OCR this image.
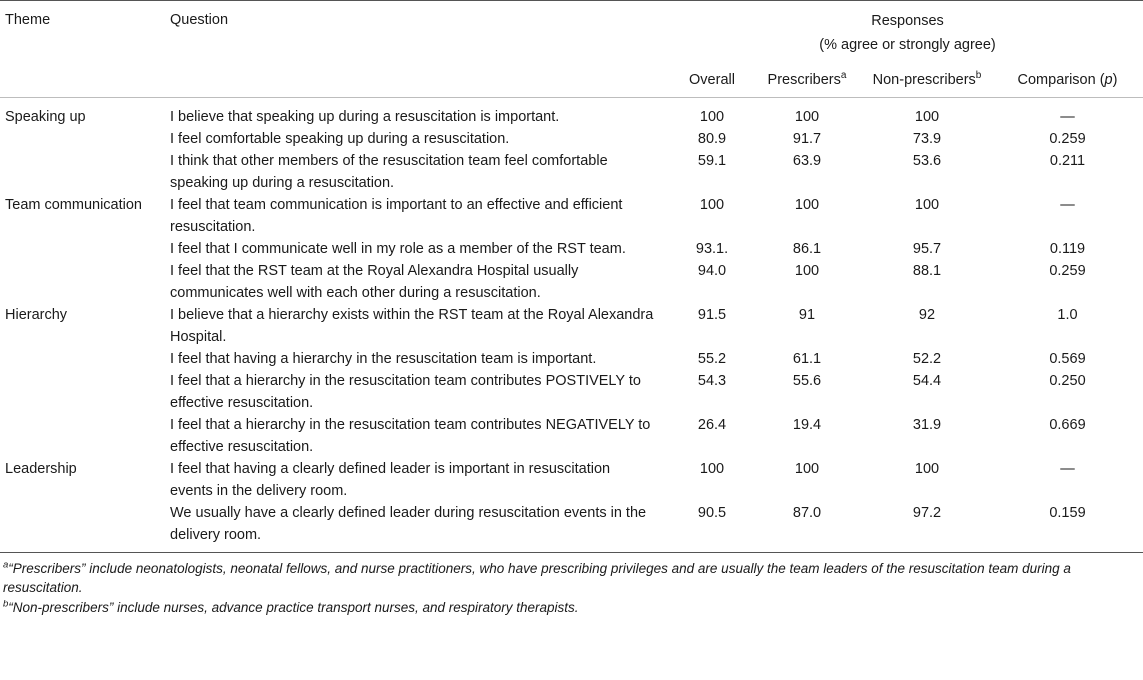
Theme	Question	Responses
(% agree or strongly agree)			

		Overall	Prescribers$^a$	Non-prescribers$^b$	Comparison (p)
Speaking up	I believe that speaking up during a resuscitation is important.	100	100	100	—
	I feel comfortable speaking up during a resuscitation.	80.9	91.7	73.9	0.259
	I think that other members of the resuscitation team feel comfortable speaking up during a resuscitation.	59.1	63.9	53.6	0.211
Team communication	I feel that team communication is important to an effective and efficient resuscitation.	100	100	100	—
	I feel that I communicate well in my role as a member of the RST team.	93.1.	86.1	95.7	0.119
	I feel that the RST team at the Royal Alexandra Hospital usually communicates well with each other during a resuscitation.	94.0	100	88.1	0.259
Hierarchy	I believe that a hierarchy exists within the RST team at the Royal Alexandra Hospital.	91.5	91	92	1.0
	I feel that having a hierarchy in the resuscitation team is important.	55.2	61.1	52.2	0.569
	I feel that a hierarchy in the resuscitation team contributes POSTIVELY to effective resuscitation.	54.3	55.6	54.4	0.250
	I feel that a hierarchy in the resuscitation team contributes NEGATIVELY to effective resuscitation.	26.4	19.4	31.9	0.669
Leadership	I feel that having a clearly defined leader is important in resuscitation events in the delivery room.	100	100	100	—
	We usually have a clearly defined leader during resuscitation events in the delivery room.	90.5	87.0	97.2	0.159
$^a$“Prescribers” include neonatologists, neonatal fellows, and nurse practitioners, who have prescribing privileges and are usually the team leaders of the resuscitation team during a resuscitation.
$^b$“Non-prescribers” include nurses, advance practice transport nurses, and respiratory therapists.
